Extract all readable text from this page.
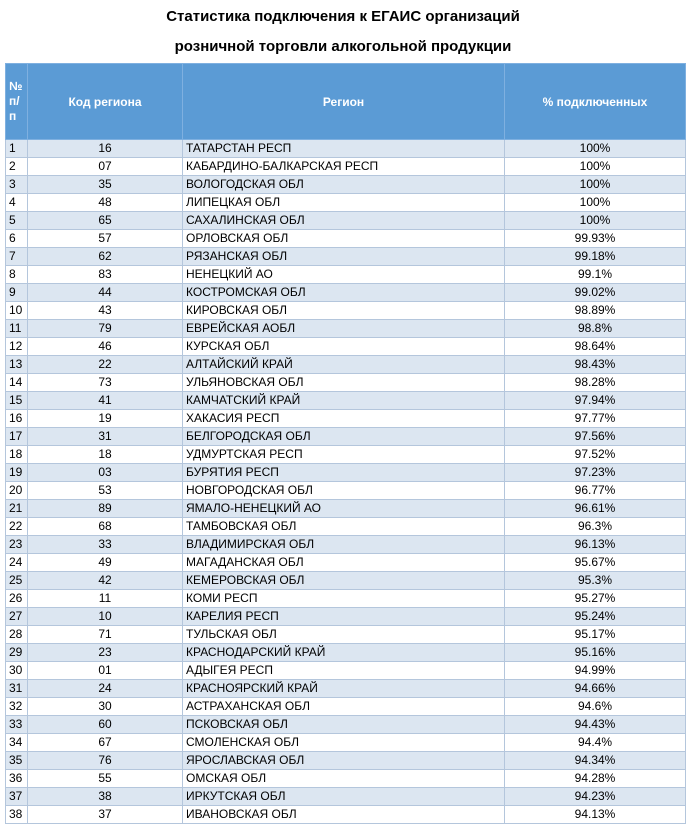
Статистика подключения к ЕГАИС организаций
розничной торговли алкогольной продукции
№ п/ п	Код региона	Регион	% подключенных
1	16	ТАТАРСТАН РЕСП	100%
2	07	КАБАРДИНО-БАЛКАРСКАЯ РЕСП	100%
3	35	ВОЛОГОДСКАЯ ОБЛ	100%
4	48	ЛИПЕЦКАЯ ОБЛ	100%
5	65	САХАЛИНСКАЯ ОБЛ	100%
6	57	ОРЛОВСКАЯ ОБЛ	99.93%
7	62	РЯЗАНСКАЯ ОБЛ	99.18%
8	83	НЕНЕЦКИЙ АО	99.1%
9	44	КОСТРОМСКАЯ ОБЛ	99.02%
10	43	КИРОВСКАЯ ОБЛ	98.89%
11	79	ЕВРЕЙСКАЯ АОБЛ	98.8%
12	46	КУРСКАЯ ОБЛ	98.64%
13	22	АЛТАЙСКИЙ КРАЙ	98.43%
14	73	УЛЬЯНОВСКАЯ ОБЛ	98.28%
15	41	КАМЧАТСКИЙ КРАЙ	97.94%
16	19	ХАКАСИЯ РЕСП	97.77%
17	31	БЕЛГОРОДСКАЯ ОБЛ	97.56%
18	18	УДМУРТСКАЯ РЕСП	97.52%
19	03	БУРЯТИЯ РЕСП	97.23%
20	53	НОВГОРОДСКАЯ ОБЛ	96.77%
21	89	ЯМАЛО-НЕНЕЦКИЙ АО	96.61%
22	68	ТАМБОВСКАЯ ОБЛ	96.3%
23	33	ВЛАДИМИРСКАЯ ОБЛ	96.13%
24	49	МАГАДАНСКАЯ ОБЛ	95.67%
25	42	КЕМЕРОВСКАЯ ОБЛ	95.3%
26	11	КОМИ РЕСП	95.27%
27	10	КАРЕЛИЯ РЕСП	95.24%
28	71	ТУЛЬСКАЯ ОБЛ	95.17%
29	23	КРАСНОДАРСКИЙ КРАЙ	95.16%
30	01	АДЫГЕЯ РЕСП	94.99%
31	24	КРАСНОЯРСКИЙ КРАЙ	94.66%
32	30	АСТРАХАНСКАЯ ОБЛ	94.6%
33	60	ПСКОВСКАЯ ОБЛ	94.43%
34	67	СМОЛЕНСКАЯ ОБЛ	94.4%
35	76	ЯРОСЛАВСКАЯ ОБЛ	94.34%
36	55	ОМСКАЯ ОБЛ	94.28%
37	38	ИРКУТСКАЯ ОБЛ	94.23%
38	37	ИВАНОВСКАЯ ОБЛ	94.13%
